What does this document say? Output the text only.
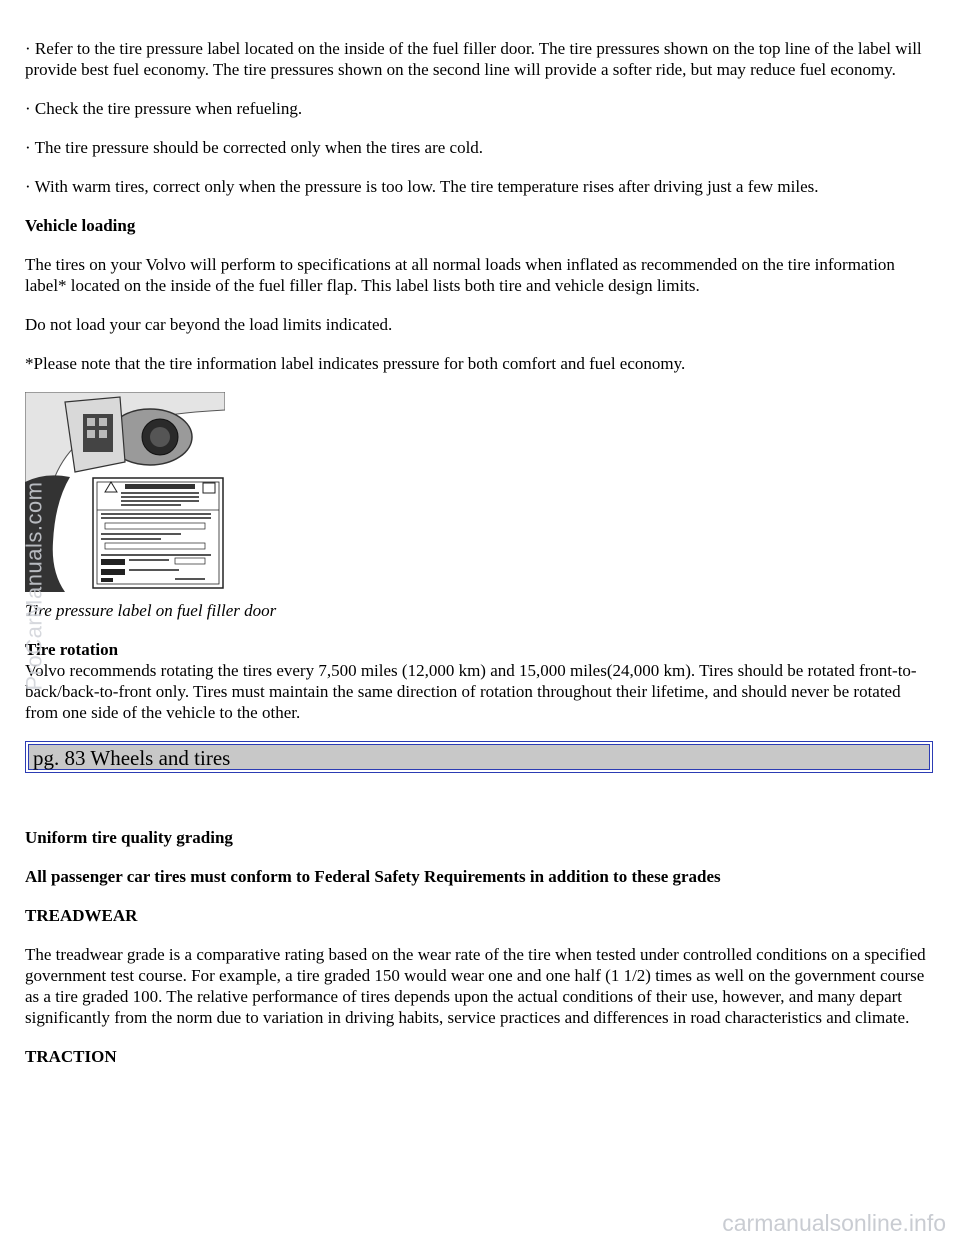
· Refer to the tire pressure label located on the inside of the fuel filler door. The tire pressures shown on the top line of the label will provide best fuel economy. The tire pressures shown on the second line will provide a softer ride, but may reduce fuel economy.

· Check the tire pressure when refueling.

· The tire pressure should be corrected only when the tires are cold.

· With warm tires, correct only when the pressure is too low. The tire temperature rises after driving just a few miles.

Vehicle loading

The tires on your Volvo will perform to specifications at all normal loads when inflated as recommended on the tire information label* located on the inside of the fuel filler flap. This label lists both tire and vehicle design limits.

Do not load your car beyond the load limits indicated.

*Please note that the tire information label indicates pressure for both comfort and fuel economy.

Tire pressure label on fuel filler door

Tire rotation

Volvo recommends rotating the tires every 7,500 miles (12,000 km) and 15,000 miles(24,000 km). Tires should be rotated front-to-back/back-to-front only. Tires must maintain the same direction of rotation throughout their lifetime, and should never be rotated from one side of the vehicle to the other.

pg. 83 Wheels and tires

Uniform tire quality grading

All passenger car tires must conform to Federal Safety Requirements in addition to these grades

TREADWEAR

The treadwear grade is a comparative rating based on the wear rate of the tire when tested under controlled conditions on a specified government test course. For example, a tire graded 150 would wear one and one half (1 1/2) times as well on the government course as a tire graded 100. The relative performance of tires depends upon the actual conditions of their use, however, and many depart significantly from the norm due to variation in driving habits, service practices and differences in road characteristics and climate.

TRACTION

ProCarManuals.com
carmanualsonline.info
